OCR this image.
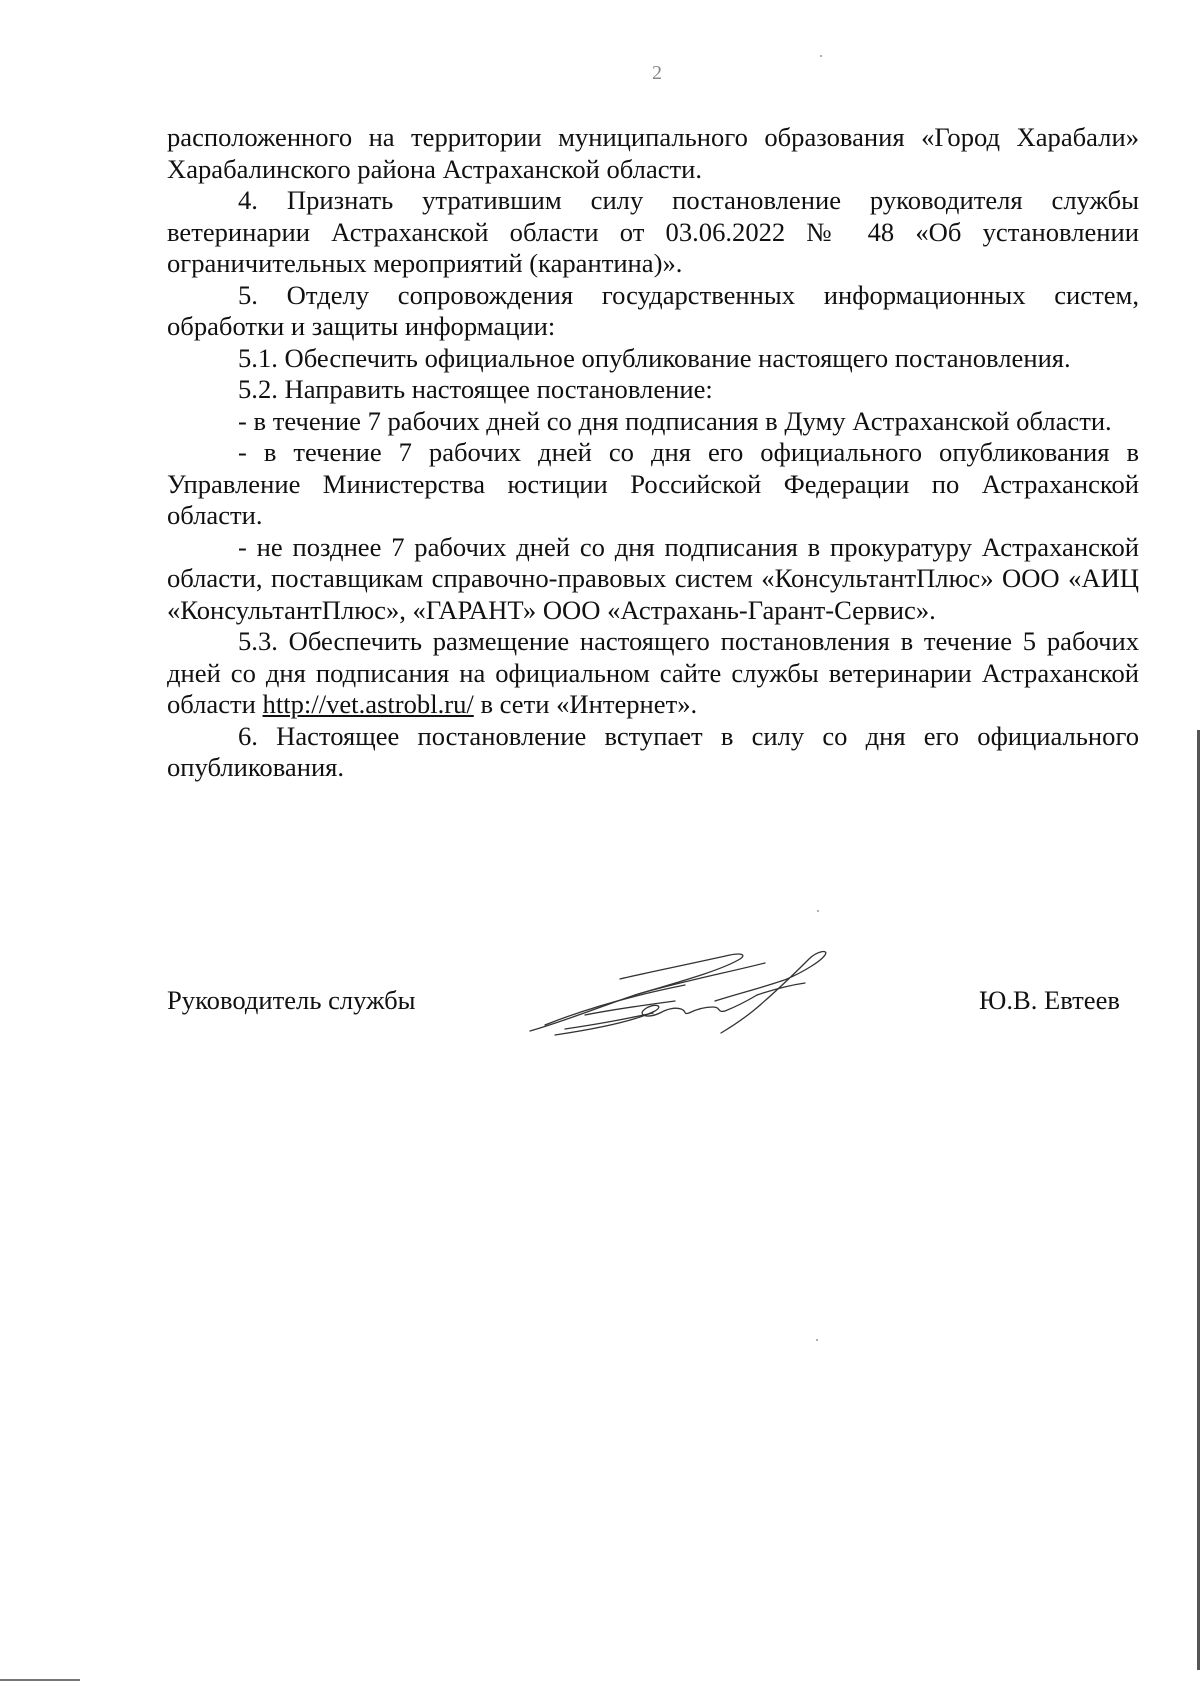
2

расположенного на территории муниципального образования «Город Харабали» Харабалинского района Астраханской области.

4. Признать утратившим силу постановление руководителя службы ветеринарии Астраханской области от 03.06.2022 № 48 «Об установлении ограничительных мероприятий (карантина)».

5. Отделу сопровождения государственных информационных систем, обработки и защиты информации:

5.1. Обеспечить официальное опубликование настоящего постановления.

5.2. Направить настоящее постановление:

- в течение 7 рабочих дней со дня подписания в Думу Астраханской области.

- в течение 7 рабочих дней со дня его официального опубликования в Управление Министерства юстиции Российской Федерации по Астраханской области.

- не позднее 7 рабочих дней со дня подписания в прокуратуру Астраханской области, поставщикам справочно-правовых систем «КонсультантПлюс» ООО «АИЦ «КонсультантПлюс», «ГАРАНТ» ООО «Астрахань-Гарант-Сервис».

5.3. Обеспечить размещение настоящего постановления в течение 5 рабочих дней со дня подписания на официальном сайте службы ветеринарии Астраханской области http://vet.astrobl.ru/ в сети «Интернет».

6. Настоящее постановление вступает в силу со дня его официального опубликования.

Руководитель службы	Ю.В. Евтеев
